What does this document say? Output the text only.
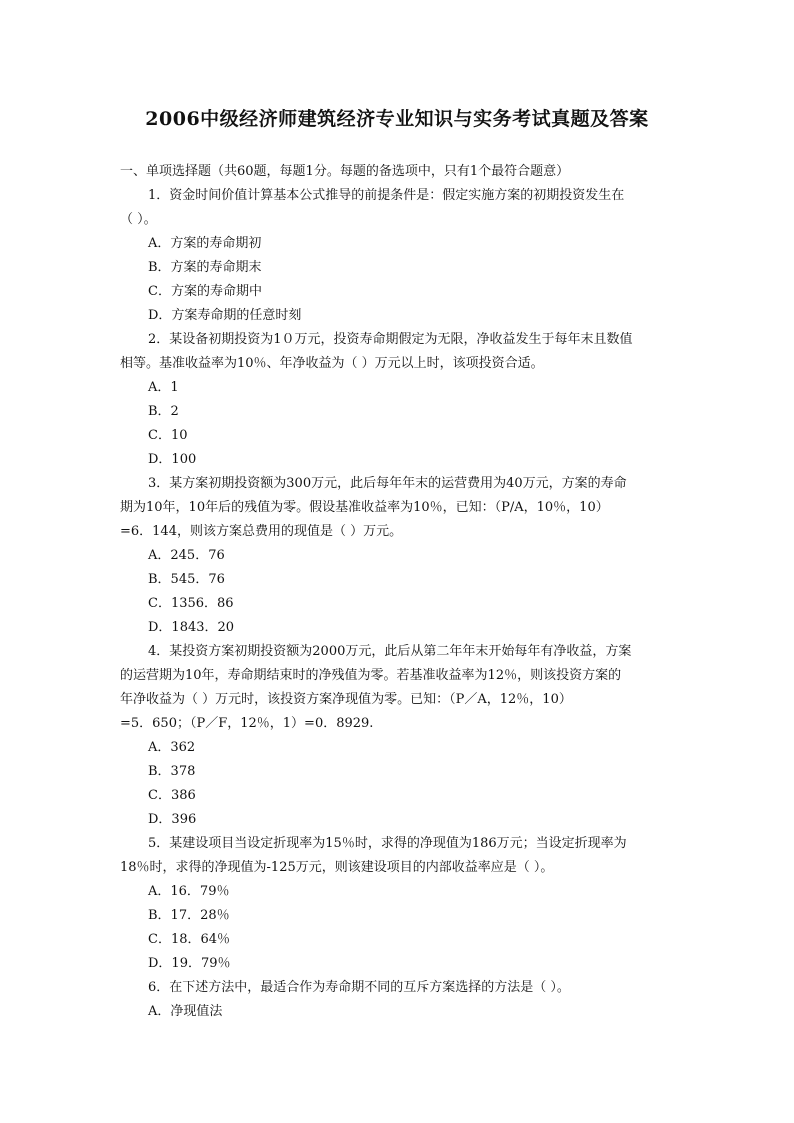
2006中级经济师建筑经济专业知识与实务考试真题及答案
一、单项选择题（共60题，每题1分。每题的备选项中，只有1个最符合题意）
1．资金时间价值计算基本公式推导的前提条件是：假定实施方案的初期投资发生在
（ ）。
A．方案的寿命期初
B．方案的寿命期末
C．方案的寿命期中
D．方案寿命期的任意时刻
2．某设备初期投资为1０万元，投资寿命期假定为无限，净收益发生于每年末且数值
相等。基准收益率为10％、年净收益为（ ）万元以上时，该项投资合适。
A．1
B．2
C．10
D．100
3．某方案初期投资额为300万元，此后每年年末的运营费用为40万元，方案的寿命
期为10年，10年后的残值为零。假设基准收益率为10％，已知：（P/A，10％，10）
=6．144，则该方案总费用的现值是（ ）万元。
A．245．76
B．545．76
C．1356．86
D．1843．20
4．某投资方案初期投资额为2000万元，此后从第二年年末开始每年有净收益，方案
的运营期为10年，寿命期结束时的净残值为零。若基准收益率为12％，则该投资方案的
年净收益为（ ）万元时，该投资方案净现值为零。已知：（P／A，12％，10）
=5．650；（P／F，12％，1）=0．8929.
A．362
B．378
C．386
D．396
5．某建设项目当设定折现率为15％时，求得的净现值为186万元；当设定折现率为
18％时，求得的净现值为-125万元，则该建设项目的内部收益率应是（ ）。
A．16．79％
B．17．28％
C．18．64％
D．19．79％
6．在下述方法中，最适合作为寿命期不同的互斥方案选择的方法是（ ）。
A．净现值法
